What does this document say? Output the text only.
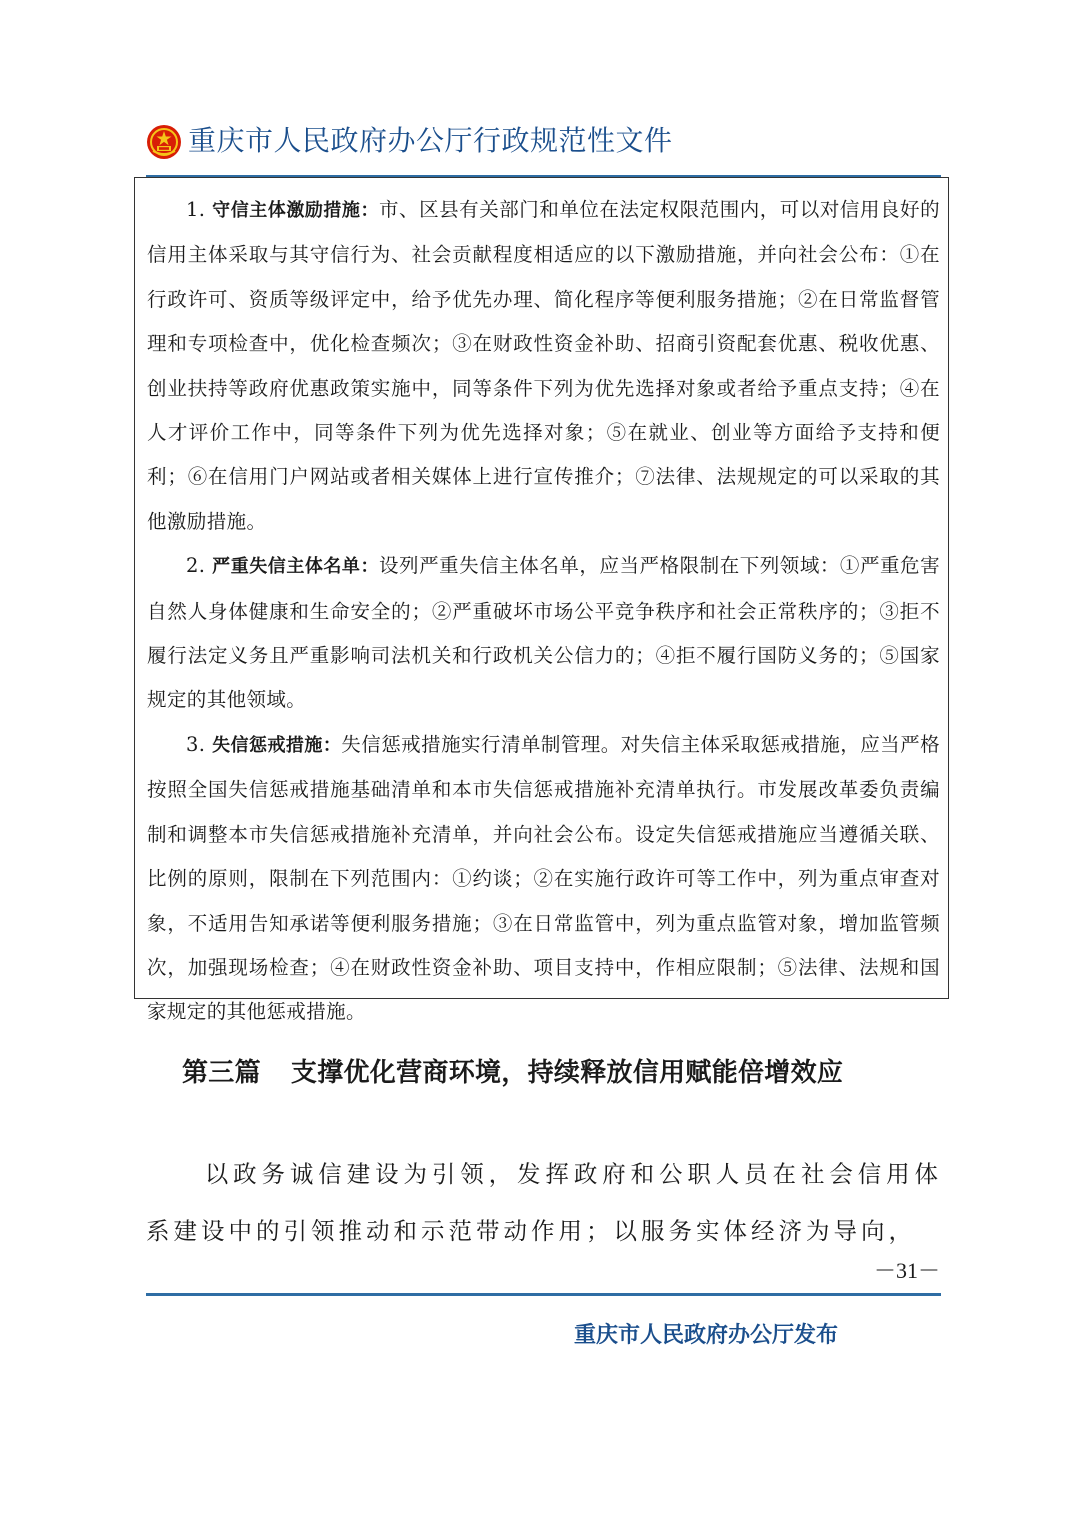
重庆市人民政府办公厅行政规范性文件

1. 守信主体激励措施：市、区县有关部门和单位在法定权限范围内，可以对信用良好的信用主体采取与其守信行为、社会贡献程度相适应的以下激励措施，并向社会公布：①在行政许可、资质等级评定中，给予优先办理、简化程序等便利服务措施；②在日常监督管理和专项检查中，优化检查频次；③在财政性资金补助、招商引资配套优惠、税收优惠、创业扶持等政府优惠政策实施中，同等条件下列为优先选择对象或者给予重点支持；④在人才评价工作中，同等条件下列为优先选择对象；⑤在就业、创业等方面给予支持和便利；⑥在信用门户网站或者相关媒体上进行宣传推介；⑦法律、法规规定的可以采取的其他激励措施。

2. 严重失信主体名单：设列严重失信主体名单，应当严格限制在下列领域：①严重危害自然人身体健康和生命安全的；②严重破坏市场公平竞争秩序和社会正常秩序的；③拒不履行法定义务且严重影响司法机关和行政机关公信力的；④拒不履行国防义务的；⑤国家规定的其他领域。

3. 失信惩戒措施：失信惩戒措施实行清单制管理。对失信主体采取惩戒措施，应当严格按照全国失信惩戒措施基础清单和本市失信惩戒措施补充清单执行。市发展改革委负责编制和调整本市失信惩戒措施补充清单，并向社会公布。设定失信惩戒措施应当遵循关联、比例的原则，限制在下列范围内：①约谈；②在实施行政许可等工作中，列为重点审查对象，不适用告知承诺等便利服务措施；③在日常监管中，列为重点监管对象，增加监管频次，加强现场检查；④在财政性资金补助、项目支持中，作相应限制；⑤法律、法规和国家规定的其他惩戒措施。

第三篇 支撑优化营商环境，持续释放信用赋能倍增效应

以政务诚信建设为引领，发挥政府和公职人员在社会信用体系建设中的引领推动和示范带动作用；以服务实体经济为导向，

－31－
重庆市人民政府办公厅发布
